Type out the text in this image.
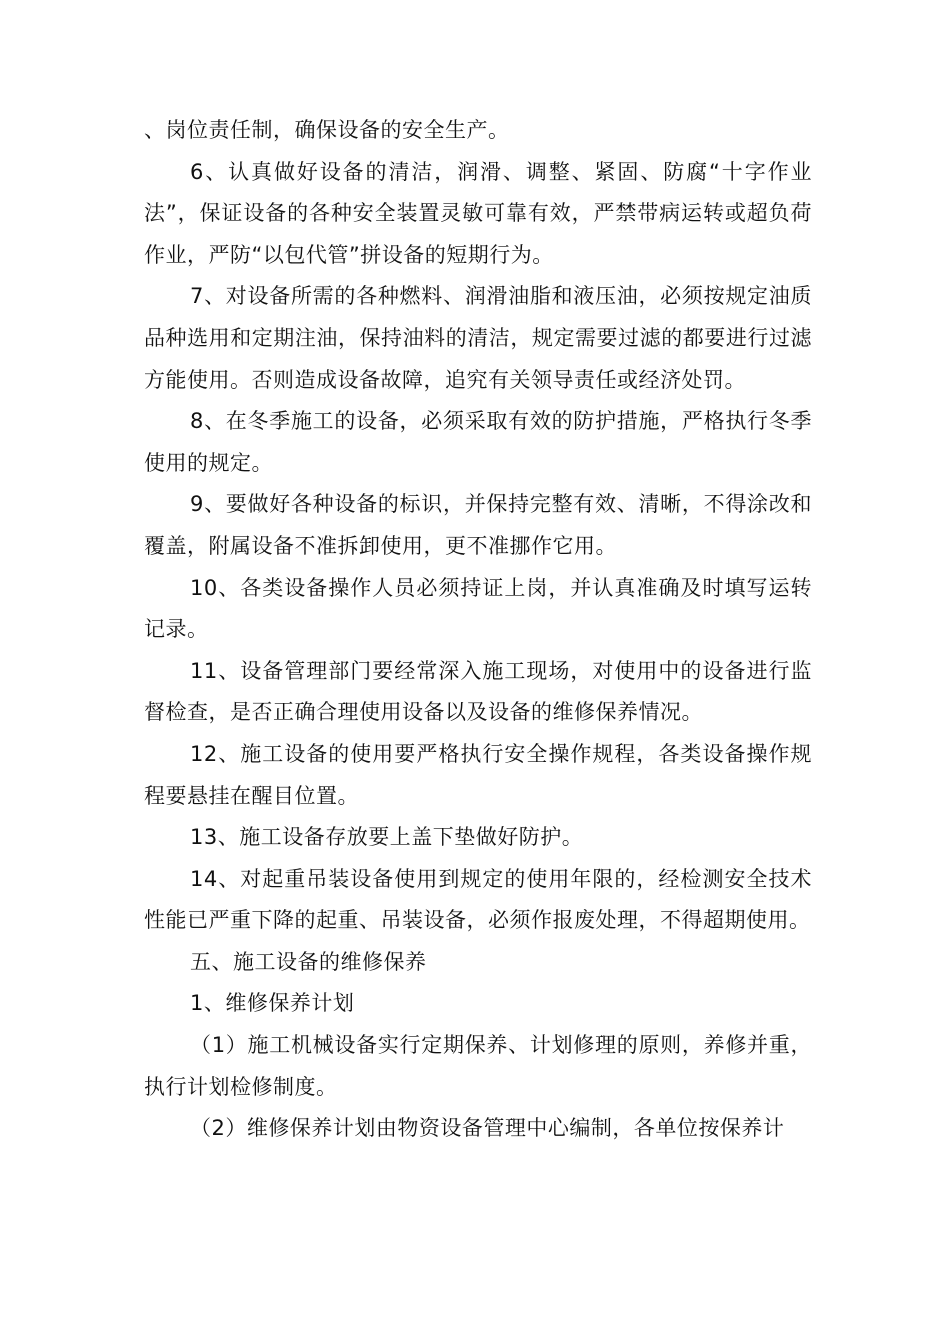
、岗位责任制，确保设备的安全生产。

6、认真做好设备的清洁，润滑、调整、紧固、防腐“十字作业法”，保证设备的各种安全装置灵敏可靠有效，严禁带病运转或超负荷作业，严防“以包代管”拼设备的短期行为。

7、对设备所需的各种燃料、润滑油脂和液压油，必须按规定油质品种选用和定期注油，保持油料的清洁，规定需要过滤的都要进行过滤方能使用。否则造成设备故障，追究有关领导责任或经济处罚。

8、在冬季施工的设备，必须采取有效的防护措施，严格执行冬季使用的规定。

9、要做好各种设备的标识，并保持完整有效、清晰，不得涂改和覆盖，附属设备不准拆卸使用，更不准挪作它用。

10、各类设备操作人员必须持证上岗，并认真准确及时填写运转记录。

11、设备管理部门要经常深入施工现场，对使用中的设备进行监督检查，是否正确合理使用设备以及设备的维修保养情况。

12、施工设备的使用要严格执行安全操作规程，各类设备操作规程要悬挂在醒目位置。

13、施工设备存放要上盖下垫做好防护。

14、对起重吊装设备使用到规定的使用年限的，经检测安全技术性能已严重下降的起重、吊装设备，必须作报废处理，不得超期使用。

五、施工设备的维修保养

1、维修保养计划

（1）施工机械设备实行定期保养、计划修理的原则，养修并重，执行计划检修制度。

（2）维修保养计划由物资设备管理中心编制，各单位按保养计
